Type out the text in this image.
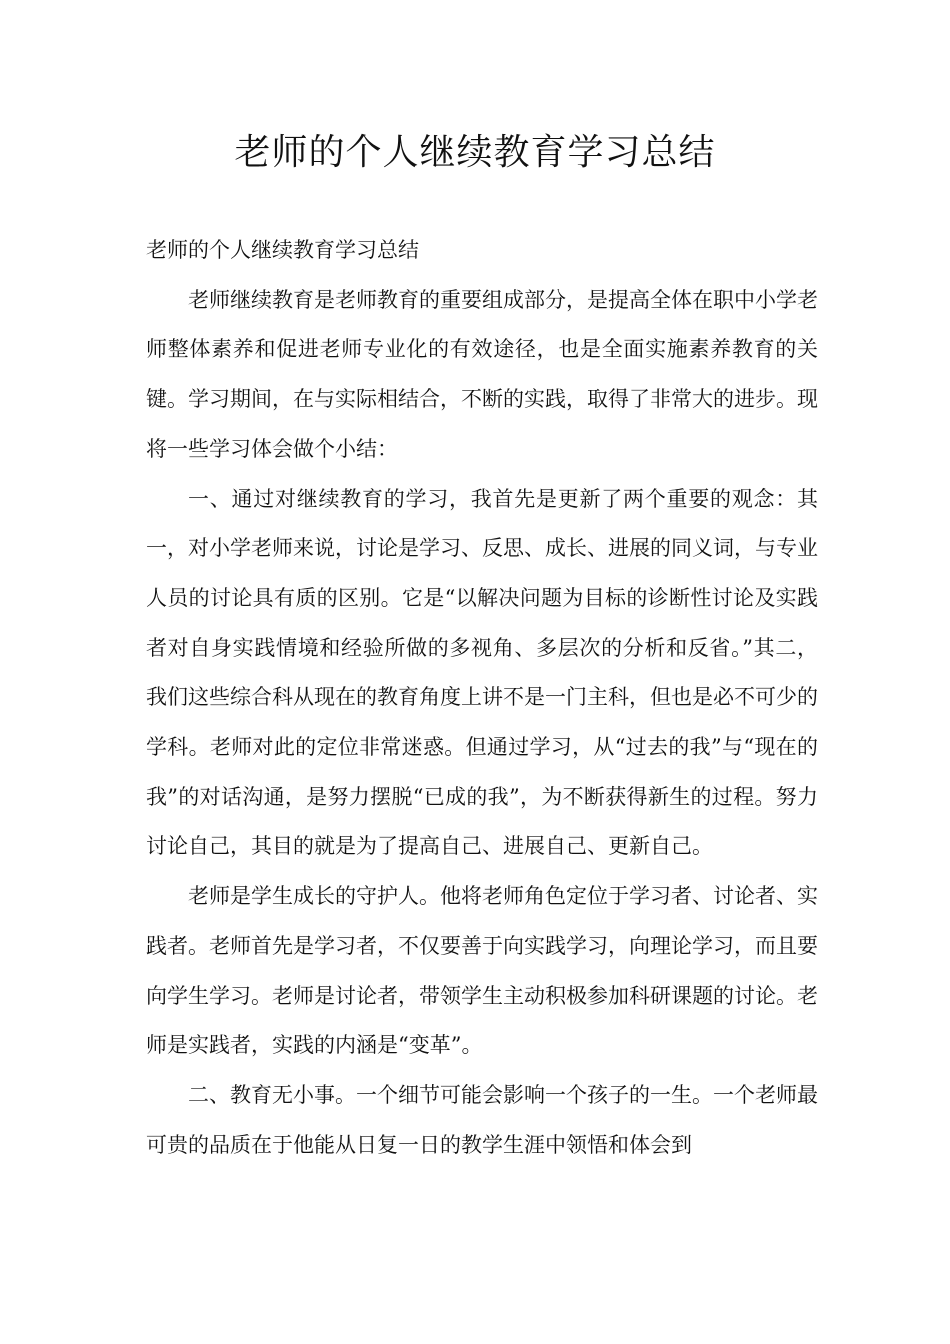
老师的个人继续教育学习总结

老师的个人继续教育学习总结

老师继续教育是老师教育的重要组成部分，是提高全体在职中小学老师整体素养和促进老师专业化的有效途径，也是全面实施素养教育的关键。学习期间，在与实际相结合，不断的实践，取得了非常大的进步。现将一些学习体会做个小结：

一、通过对继续教育的学习，我首先是更新了两个重要的观念：其一，对小学老师来说，讨论是学习、反思、成长、进展的同义词，与专业人员的讨论具有质的区别。它是“以解决问题为目标的诊断性讨论及实践者对自身实践情境和经验所做的多视角、多层次的分析和反省。”其二，我们这些综合科从现在的教育角度上讲不是一门主科，但也是必不可少的学科。老师对此的定位非常迷惑。但通过学习，从“过去的我”与“现在的我”的对话沟通，是努力摆脱“已成的我”，为不断获得新生的过程。努力讨论自己，其目的就是为了提高自己、进展自己、更新自己。

老师是学生成长的守护人。他将老师角色定位于学习者、讨论者、实践者。老师首先是学习者，不仅要善于向实践学习，向理论学习，而且要向学生学习。老师是讨论者，带领学生主动积极参加科研课题的讨论。老师是实践者，实践的内涵是“变革”。

二、教育无小事。一个细节可能会影响一个孩子的一生。一个老师最可贵的品质在于他能从日复一日的教学生涯中领悟和体会到
